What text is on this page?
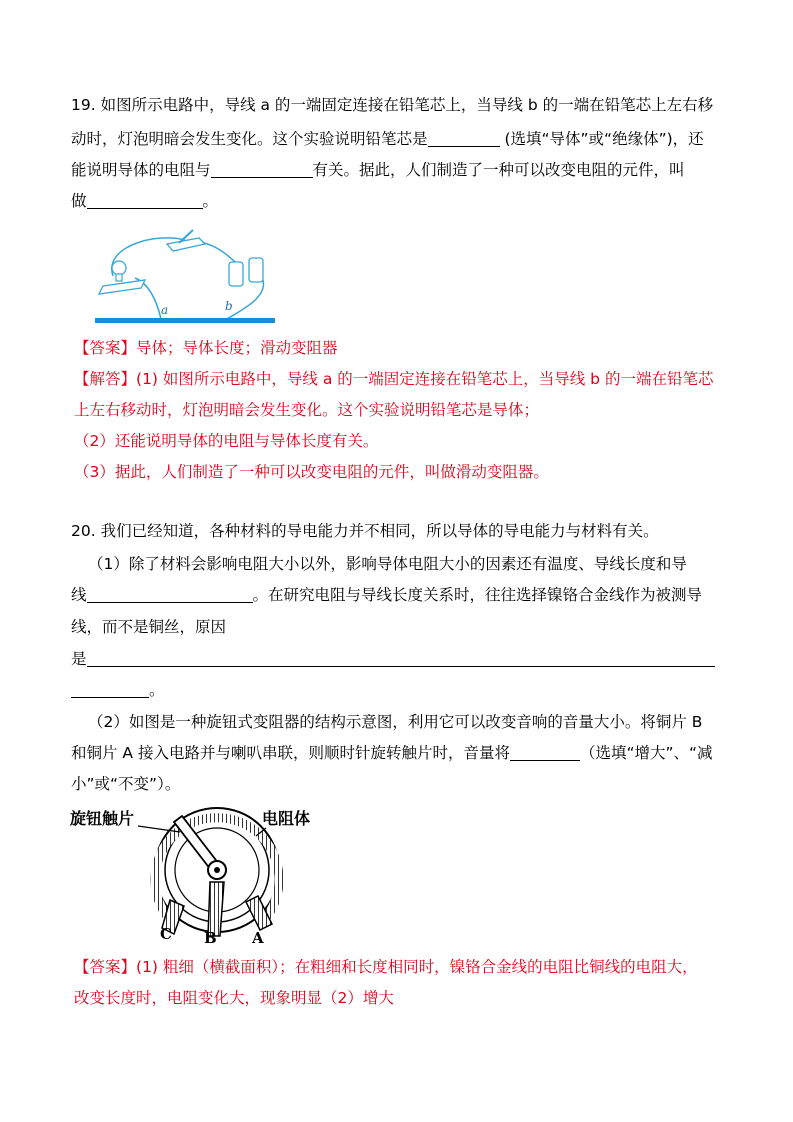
19. 如图所示电路中，导线 a 的一端固定连接在铅笔芯上，当导线 b 的一端在铅笔芯上左右移
动时，灯泡明暗会发生变化。这个实验说明铅笔芯是	(选填“导体”或“绝缘体”)，还
能说明导体的电阻与	有关。据此，人们制造了一种可以改变电阻的元件，叫
做	。
a	b
【答案】导体；导体长度；滑动变阻器
【解答】(1) 如图所示电路中，导线 a 的一端固定连接在铅笔芯上，当导线 b 的一端在铅笔芯
上左右移动时，灯泡明暗会发生变化。这个实验说明铅笔芯是导体；
（2）还能说明导体的电阻与导体长度有关。
（3）据此，人们制造了一种可以改变电阻的元件，叫做滑动变阻器。
20. 我们已经知道，各种材料的导电能力并不相同，所以导体的导电能力与材料有关。
（1）除了材料会影响电阻大小以外，影响导体电阻大小的因素还有温度、导线长度和导
线	。在研究电阻与导线长度关系时，往往选择镍铬合金线作为被测导
线，而不是铜丝，原因
是
。
（2）如图是一种旋钮式变阻器的结构示意图，利用它可以改变音响的音量大小。将铜片 B
和铜片 A 接入电路并与喇叭串联，则顺时针旋转触片时，音量将	（选填“增大”、“减
小”或“不变”）。
旋钮触片	电阻体
C B A
【答案】(1) 粗细（横截面积）；在粗细和长度相同时，镍铬合金线的电阻比铜线的电阻大，
改变长度时，电阻变化大，现象明显（2）增大
